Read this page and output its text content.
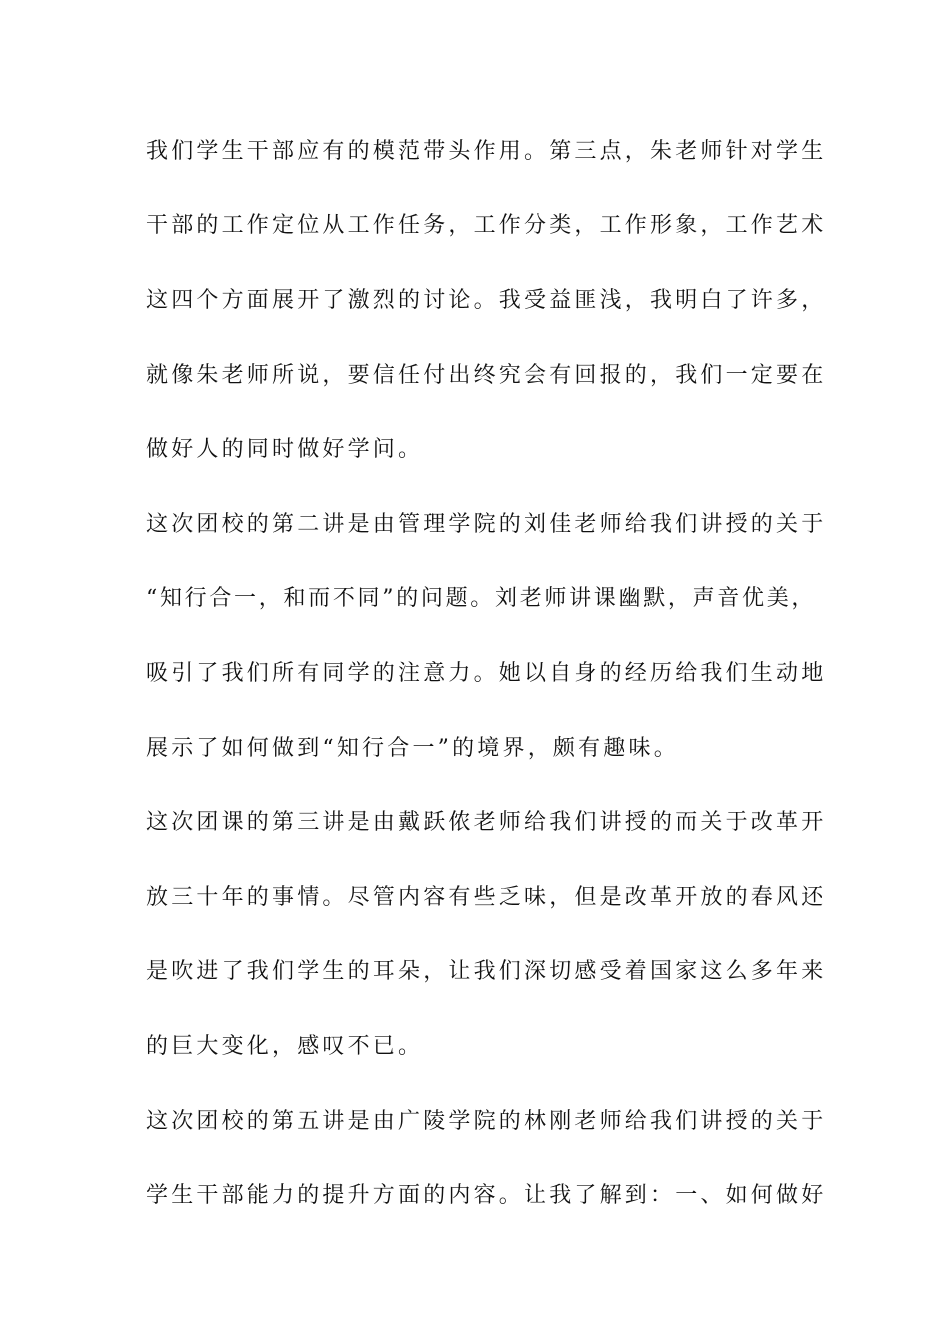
我们学生干部应有的模范带头作用。第三点，朱老师针对学生
干部的工作定位从工作任务，工作分类，工作形象，工作艺术
这四个方面展开了激烈的讨论。我受益匪浅，我明白了许多，
就像朱老师所说，要信任付出终究会有回报的，我们一定要在
做好人的同时做好学问。
这次团校的第二讲是由管理学院的刘佳老师给我们讲授的关于
“知行合一，和而不同”的问题。刘老师讲课幽默，声音优美，
吸引了我们所有同学的注意力。她以自身的经历给我们生动地
展示了如何做到“知行合一”的境界，颇有趣味。
这次团课的第三讲是由戴跃侬老师给我们讲授的而关于改革开
放三十年的事情。尽管内容有些乏味，但是改革开放的春风还
是吹进了我们学生的耳朵，让我们深切感受着国家这么多年来
的巨大变化，感叹不已。
这次团校的第五讲是由广陵学院的林刚老师给我们讲授的关于
学生干部能力的提升方面的内容。让我了解到：一、如何做好
